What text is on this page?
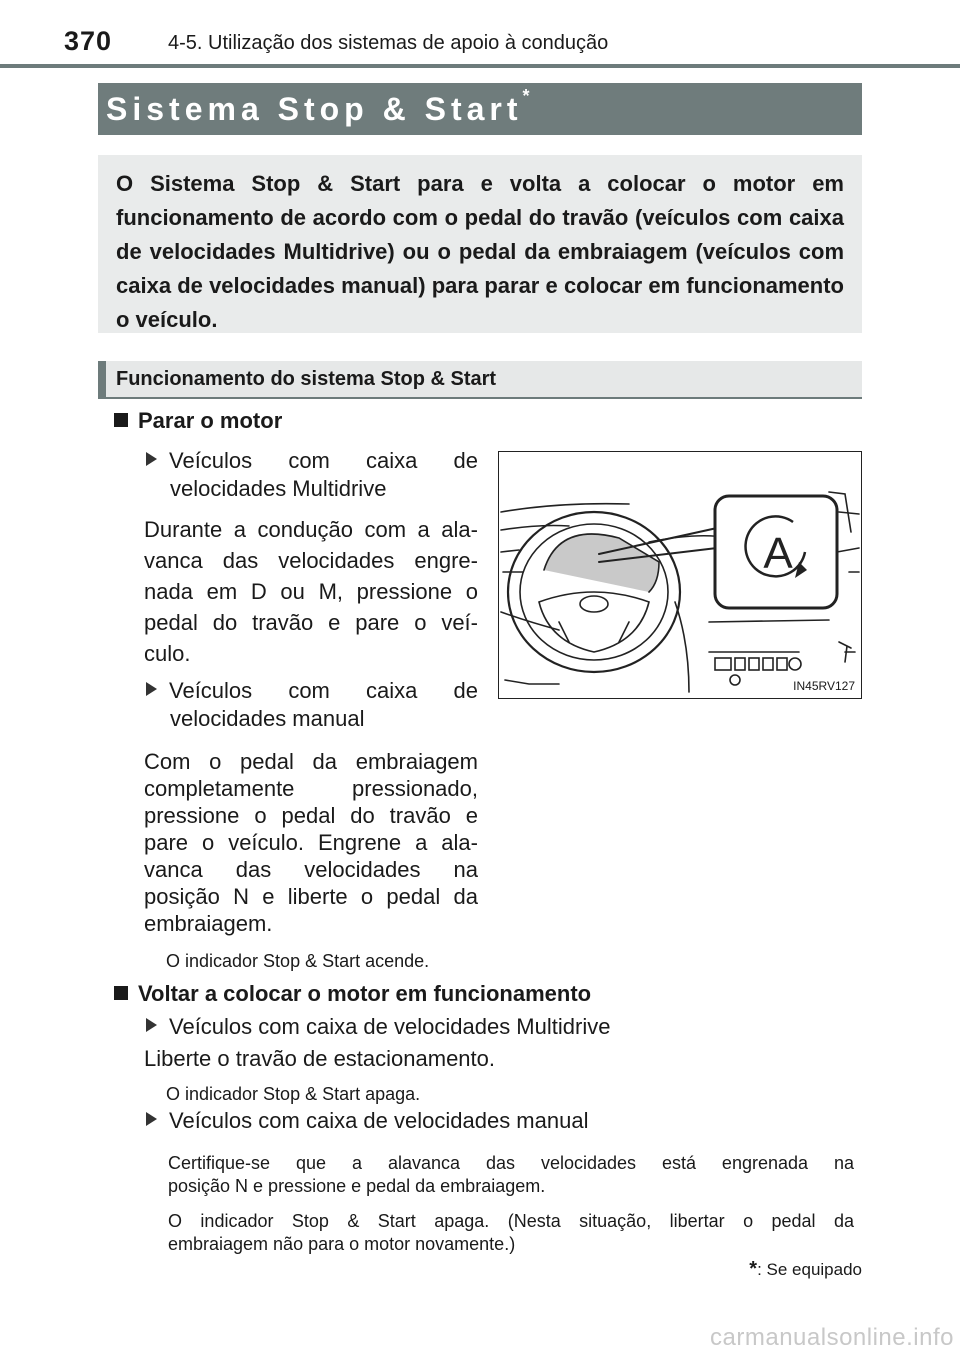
370	4-5. Utilização dos sistemas de apoio à condução
Sistema Stop & Start*
O Sistema Stop & Start para e volta a colocar o motor em funcionamento de acordo com o pedal do travão (veículos com caixa de velocidades Multidrive) ou o pedal da embraiagem (veículos com caixa de velocidades manual) para parar e colocar em funcionamento o veículo.
Funcionamento do sistema Stop & Start
Parar o motor
Veículos com caixa de
velocidades Multidrive
Durante a condução com a ala-
vanca das velocidades engre-
nada em D ou M, pressione o
pedal do travão e pare o veí-
culo.
Veículos com caixa de
velocidades manual
Com o pedal da embraiagem
completamente pressionado,
pressione o pedal do travão e
pare o veículo. Engrene a ala-
vanca das velocidades na
posição N e liberte o pedal da
embraiagem.
O indicador Stop & Start acende.
Voltar a colocar o motor em funcionamento
Veículos com caixa de velocidades Multidrive
Liberte o travão de estacionamento.
O indicador Stop & Start apaga.
Veículos com caixa de velocidades manual
Certifique-se que a alavanca das velocidades está engrenada na
posição N e pressione e pedal da embraiagem.
O indicador Stop & Start apaga. (Nesta situação, libertar o pedal da
embraiagem não para o motor novamente.)
*: Se equipado
A
IN45RV127
carmanualsonline.info
